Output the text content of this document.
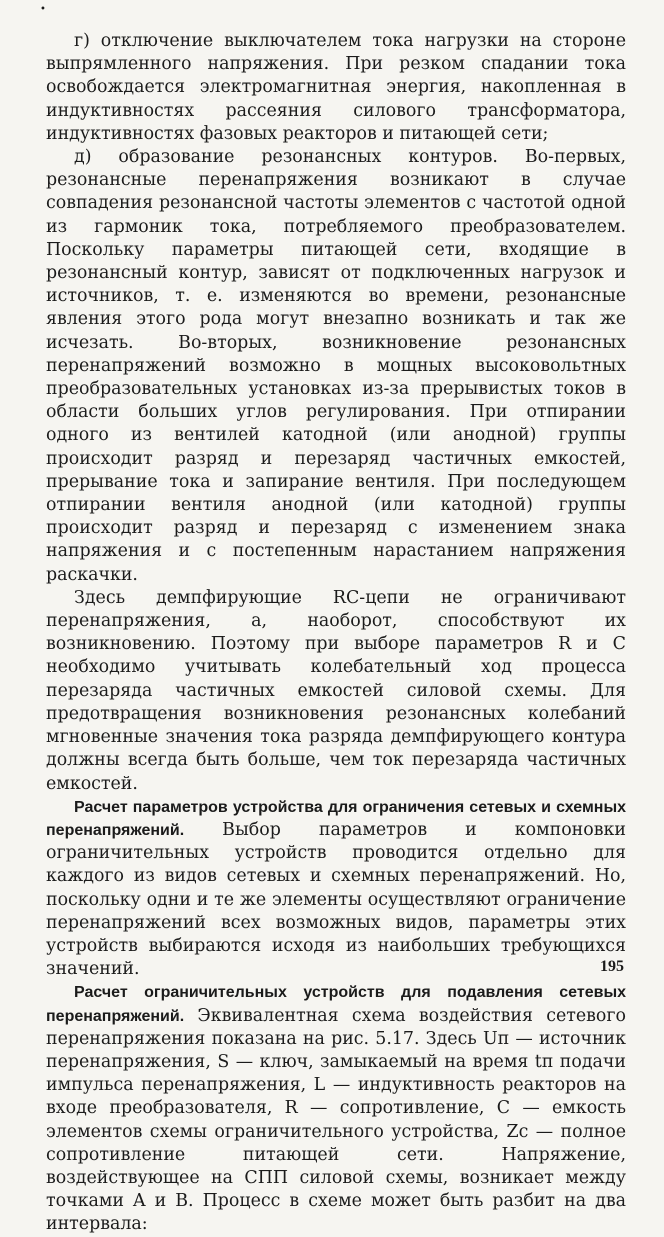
•

г) отключение выключателем тока нагрузки на стороне выпрямленного напряжения. При резком спадании тока освобождается электромагнитная энергия, накопленная в индуктивностях рассеяния силового трансформатора, индуктивностях фазовых реакторов и питающей сети;

д) образование резонансных контуров. Во-первых, резонансные перенапряжения возникают в случае совпадения резонансной частоты элементов с частотой одной из гармоник тока, потребляемого преобразователем. Поскольку параметры питающей сети, входящие в резонансный контур, зависят от подключенных нагрузок и источников, т. е. изменяются во времени, резонансные явления этого рода могут внезапно возникать и так же исчезать. Во-вторых, возникновение резонансных перенапряжений возможно в мощных высоковольтных преобразовательных установках из-за прерывистых токов в области больших углов регулирования. При отпирании одного из вентилей катодной (или анодной) группы происходит разряд и перезаряд частичных емкостей, прерывание тока и запирание вентиля. При последующем отпирании вентиля анодной (или катодной) группы происходит разряд и перезаряд с изменением знака напряжения и с постепенным нарастанием напряжения раскачки.

Здесь демпфирующие RC-цепи не ограничивают перенапряжения, а, наоборот, способствуют их возникновению. Поэтому при выборе параметров R и C необходимо учитывать колебательный ход процесса перезаряда частичных емкостей силовой схемы. Для предотвращения возникновения резонансных колебаний мгновенные значения тока разряда демпфирующего контура должны всегда быть больше, чем ток перезаряда частичных емкостей.

Расчет параметров устройства для ограничения сетевых и схемных перенапряжений. Выбор параметров и компоновки ограничительных устройств проводится отдельно для каждого из видов сетевых и схемных перенапряжений. Но, поскольку одни и те же элементы осуществляют ограничение перенапряжений всех возможных видов, параметры этих устройств выбираются исходя из наибольших требующихся значений.

Расчет ограничительных устройств для подавления сетевых перенапряжений. Эквивалентная схема воздействия сетевого перенапряжения показана на рис. 5.17. Здесь Uп — источник перенапряжения, S — ключ, замыкаемый на время tп подачи импульса перенапряжения, L — индуктивность реакторов на входе преобразователя, R — сопротивление, C — емкость элементов схемы ограничительного устройства, Zс — полное сопротивление питающей сети. Напряжение, воздействующее на СПП силовой схемы, возникает между точками A и B. Процесс в схеме может быть разбит на два интервала:

195
